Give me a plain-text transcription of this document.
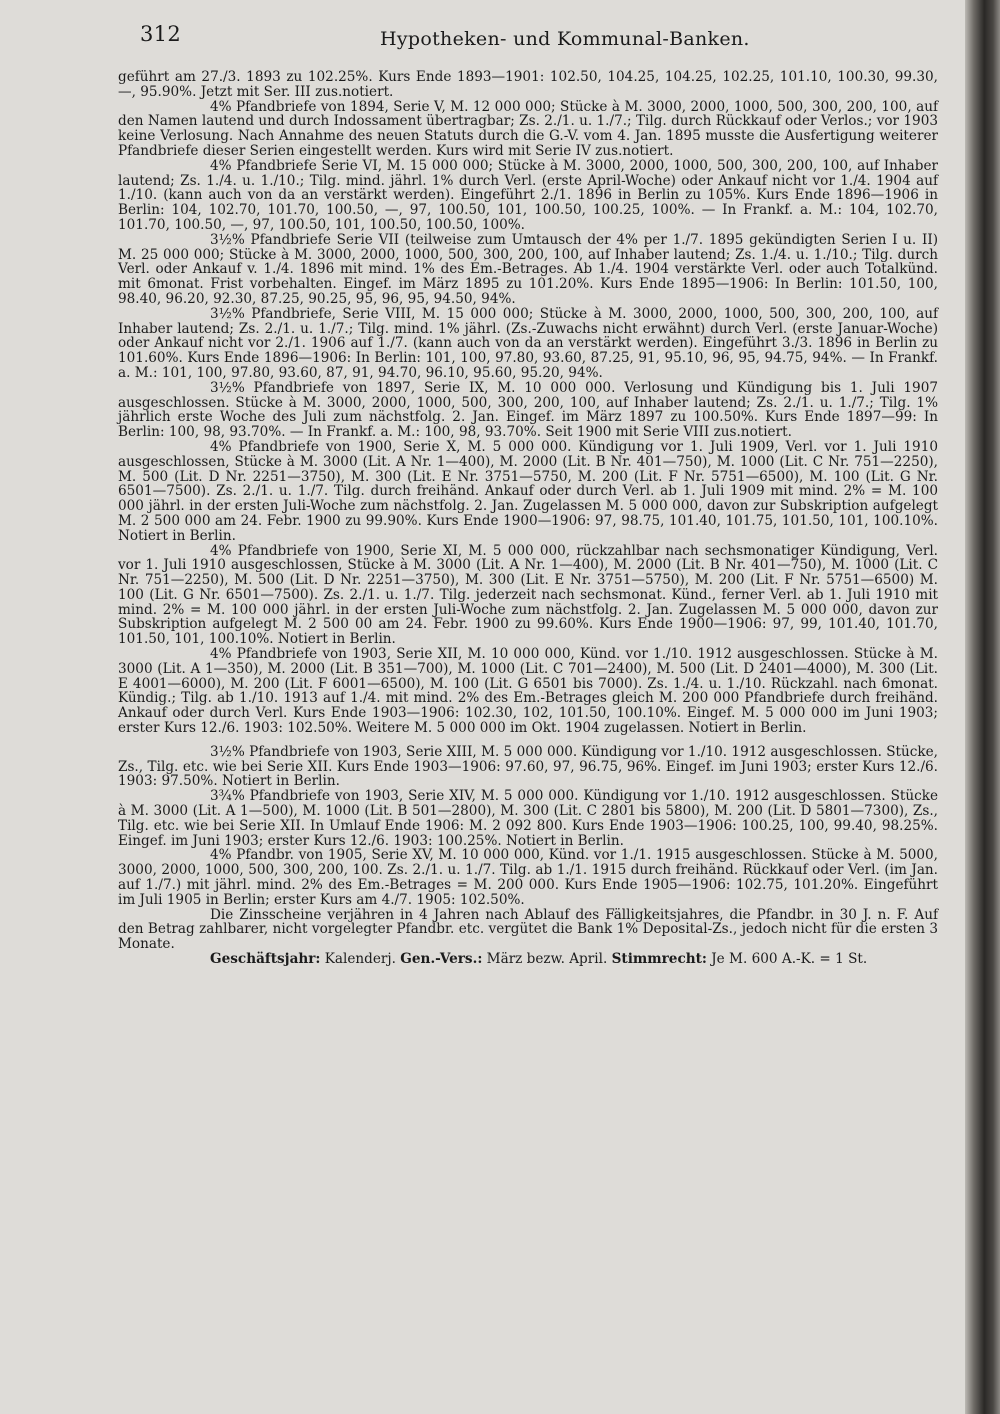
312	Hypotheken- und Kommunal-Banken.

geführt am 27./3. 1893 zu 102.25%. Kurs Ende 1893—1901: 102.50, 104.25, 104.25, 102.25, 101.10, 100.30, 99.30, —, 95.90%. Jetzt mit Ser. III zus.notiert.

4% Pfandbriefe von 1894, Serie V, M. 12 000 000; Stücke à M. 3000, 2000, 1000, 500, 300, 200, 100, auf den Namen lautend und durch Indossament übertragbar; Zs. 2./1. u. 1./7.; Tilg. durch Rückkauf oder Verlos.; vor 1903 keine Verlosung. Nach Annahme des neuen Statuts durch die G.-V. vom 4. Jan. 1895 musste die Ausfertigung weiterer Pfandbriefe dieser Serien eingestellt werden. Kurs wird mit Serie IV zus.notiert.

4% Pfandbriefe Serie VI, M. 15 000 000; Stücke à M. 3000, 2000, 1000, 500, 300, 200, 100, auf Inhaber lautend; Zs. 1./4. u. 1./10.; Tilg. mind. jährl. 1% durch Verl. (erste April-Woche) oder Ankauf nicht vor 1./4. 1904 auf 1./10. (kann auch von da an verstärkt werden). Eingeführt 2./1. 1896 in Berlin zu 105%. Kurs Ende 1896—1906 in Berlin: 104, 102.70, 101.70, 100.50, —, 97, 100.50, 101, 100.50, 100.25, 100%. — In Frankf. a. M.: 104, 102.70, 101.70, 100.50, —, 97, 100.50, 101, 100.50, 100.50, 100%.

3½% Pfandbriefe Serie VII (teilweise zum Umtausch der 4% per 1./7. 1895 gekündigten Serien I u. II) M. 25 000 000; Stücke à M. 3000, 2000, 1000, 500, 300, 200, 100, auf Inhaber lautend; Zs. 1./4. u. 1./10.; Tilg. durch Verl. oder Ankauf v. 1./4. 1896 mit mind. 1% des Em.-Betrages. Ab 1./4. 1904 verstärkte Verl. oder auch Totalkünd. mit 6monat. Frist vorbehalten. Eingef. im März 1895 zu 101.20%. Kurs Ende 1895—1906: In Berlin: 101.50, 100, 98.40, 96.20, 92.30, 87.25, 90.25, 95, 96, 95, 94.50, 94%.

3½% Pfandbriefe, Serie VIII, M. 15 000 000; Stücke à M. 3000, 2000, 1000, 500, 300, 200, 100, auf Inhaber lautend; Zs. 2./1. u. 1./7.; Tilg. mind. 1% jährl. (Zs.-Zuwachs nicht erwähnt) durch Verl. (erste Januar-Woche) oder Ankauf nicht vor 2./1. 1906 auf 1./7. (kann auch von da an verstärkt werden). Eingeführt 3./3. 1896 in Berlin zu 101.60%. Kurs Ende 1896—1906: In Berlin: 101, 100, 97.80, 93.60, 87.25, 91, 95.10, 96, 95, 94.75, 94%. — In Frankf. a. M.: 101, 100, 97.80, 93.60, 87, 91, 94.70, 96.10, 95.60, 95.20, 94%.

3½% Pfandbriefe von 1897, Serie IX, M. 10 000 000. Verlosung und Kündigung bis 1. Juli 1907 ausgeschlossen. Stücke à M. 3000, 2000, 1000, 500, 300, 200, 100, auf Inhaber lautend; Zs. 2./1. u. 1./7.; Tilg. 1% jährlich erste Woche des Juli zum nächstfolg. 2. Jan. Eingef. im März 1897 zu 100.50%. Kurs Ende 1897—99: In Berlin: 100, 98, 93.70%. — In Frankf. a. M.: 100, 98, 93.70%. Seit 1900 mit Serie VIII zus.notiert.

4% Pfandbriefe von 1900, Serie X, M. 5 000 000. Kündigung vor 1. Juli 1909, Verl. vor 1. Juli 1910 ausgeschlossen, Stücke à M. 3000 (Lit. A Nr. 1—400), M. 2000 (Lit. B Nr. 401—750), M. 1000 (Lit. C Nr. 751—2250), M. 500 (Lit. D Nr. 2251—3750), M. 300 (Lit. E Nr. 3751—5750, M. 200 (Lit. F Nr. 5751—6500), M. 100 (Lit. G Nr. 6501—7500). Zs. 2./1. u. 1./7. Tilg. durch freihänd. Ankauf oder durch Verl. ab 1. Juli 1909 mit mind. 2% = M. 100 000 jährl. in der ersten Juli-Woche zum nächstfolg. 2. Jan. Zugelassen M. 5 000 000, davon zur Subskription aufgelegt M. 2 500 000 am 24. Febr. 1900 zu 99.90%. Kurs Ende 1900—1906: 97, 98.75, 101.40, 101.75, 101.50, 101, 100.10%. Notiert in Berlin.

4% Pfandbriefe von 1900, Serie XI, M. 5 000 000, rückzahlbar nach sechsmonatiger Kündigung, Verl. vor 1. Juli 1910 ausgeschlossen, Stücke à M. 3000 (Lit. A Nr. 1—400), M. 2000 (Lit. B Nr. 401—750), M. 1000 (Lit. C Nr. 751—2250), M. 500 (Lit. D Nr. 2251—3750), M. 300 (Lit. E Nr. 3751—5750), M. 200 (Lit. F Nr. 5751—6500) M. 100 (Lit. G Nr. 6501—7500). Zs. 2./1. u. 1./7. Tilg. jederzeit nach sechsmonat. Künd., ferner Verl. ab 1. Juli 1910 mit mind. 2% = M. 100 000 jährl. in der ersten Juli-Woche zum nächstfolg. 2. Jan. Zugelassen M. 5 000 000, davon zur Subskription aufgelegt M. 2 500 00 am 24. Febr. 1900 zu 99.60%. Kurs Ende 1900—1906: 97, 99, 101.40, 101.70, 101.50, 101, 100.10%. Notiert in Berlin.

4% Pfandbriefe von 1903, Serie XII, M. 10 000 000, Künd. vor 1./10. 1912 ausgeschlossen. Stücke à M. 3000 (Lit. A 1—350), M. 2000 (Lit. B 351—700), M. 1000 (Lit. C 701—2400), M. 500 (Lit. D 2401—4000), M. 300 (Lit. E 4001—6000), M. 200 (Lit. F 6001—6500), M. 100 (Lit. G 6501 bis 7000). Zs. 1./4. u. 1./10. Rückzahl. nach 6monat. Kündig.; Tilg. ab 1./10. 1913 auf 1./4. mit mind. 2% des Em.-Betrages gleich M. 200 000 Pfandbriefe durch freihänd. Ankauf oder durch Verl. Kurs Ende 1903—1906: 102.30, 102, 101.50, 100.10%. Eingef. M. 5 000 000 im Juni 1903; erster Kurs 12./6. 1903: 102.50%. Weitere M. 5 000 000 im Okt. 1904 zugelassen. Notiert in Berlin.

3½% Pfandbriefe von 1903, Serie XIII, M. 5 000 000. Kündigung vor 1./10. 1912 ausgeschlossen. Stücke, Zs., Tilg. etc. wie bei Serie XII. Kurs Ende 1903—1906: 97.60, 97, 96.75, 96%. Eingef. im Juni 1903; erster Kurs 12./6. 1903: 97.50%. Notiert in Berlin.

3¾% Pfandbriefe von 1903, Serie XIV, M. 5 000 000. Kündigung vor 1./10. 1912 ausgeschlossen. Stücke à M. 3000 (Lit. A 1—500), M. 1000 (Lit. B 501—2800), M. 300 (Lit. C 2801 bis 5800), M. 200 (Lit. D 5801—7300), Zs., Tilg. etc. wie bei Serie XII. In Umlauf Ende 1906: M. 2 092 800. Kurs Ende 1903—1906: 100.25, 100, 99.40, 98.25%. Eingef. im Juni 1903; erster Kurs 12./6. 1903: 100.25%. Notiert in Berlin.

4% Pfandbr. von 1905, Serie XV, M. 10 000 000, Künd. vor 1./1. 1915 ausgeschlossen. Stücke à M. 5000, 3000, 2000, 1000, 500, 300, 200, 100. Zs. 2./1. u. 1./7. Tilg. ab 1./1. 1915 durch freihänd. Rückkauf oder Verl. (im Jan. auf 1./7.) mit jährl. mind. 2% des Em.-Betrages = M. 200 000. Kurs Ende 1905—1906: 102.75, 101.20%. Eingeführt im Juli 1905 in Berlin; erster Kurs am 4./7. 1905: 102.50%.

Die Zinsscheine verjähren in 4 Jahren nach Ablauf des Fälligkeitsjahres, die Pfandbr. in 30 J. n. F. Auf den Betrag zahlbarer, nicht vorgelegter Pfandbr. etc. vergütet die Bank 1% Deposital-Zs., jedoch nicht für die ersten 3 Monate.

Geschäftsjahr: Kalenderj. Gen.-Vers.: März bezw. April. Stimmrecht: Je M. 600 A.-K. = 1 St.
